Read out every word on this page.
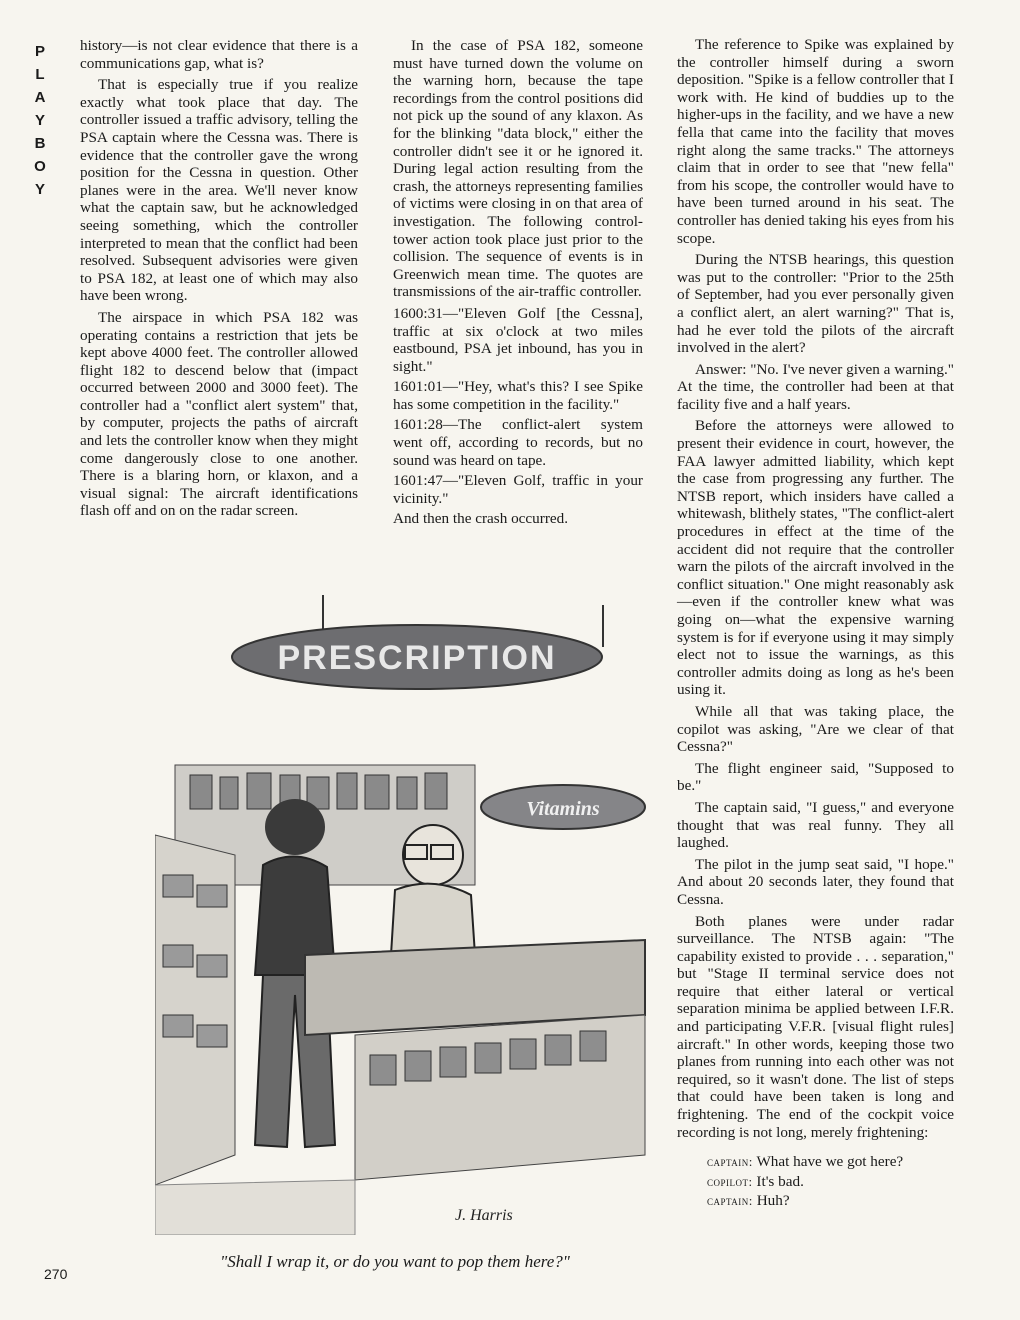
P
L
A
Y
B
O
Y

history—is not clear evidence that there is a communications gap, what is?

That is especially true if you realize exactly what took place that day. The controller issued a traffic advisory, telling the PSA captain where the Cessna was. There is evidence that the controller gave the wrong position for the Cessna in question. Other planes were in the area. We'll never know what the captain saw, but he acknowledged seeing something, which the controller interpreted to mean that the conflict had been resolved. Subsequent advisories were given to PSA 182, at least one of which may also have been wrong.

The airspace in which PSA 182 was operating contains a restriction that jets be kept above 4000 feet. The controller allowed flight 182 to descend below that (impact occurred between 2000 and 3000 feet). The controller had a "conflict alert system" that, by computer, projects the paths of aircraft and lets the controller know when they might come dangerously close to one another. There is a blaring horn, or klaxon, and a visual signal: The aircraft identifications flash off and on on the radar screen.

In the case of PSA 182, someone must have turned down the volume on the warning horn, because the tape recordings from the control positions did not pick up the sound of any klaxon. As for the blinking "data block," either the controller didn't see it or he ignored it. During legal action resulting from the crash, the attorneys representing families of victims were closing in on that area of investigation. The following control-tower action took place just prior to the collision. The sequence of events is in Greenwich mean time. The quotes are transmissions of the air-traffic controller.

1600:31—"Eleven Golf [the Cessna], traffic at six o'clock at two miles eastbound, PSA jet inbound, has you in sight."

1601:01—"Hey, what's this? I see Spike has some competition in the facility."

1601:28—The conflict-alert system went off, according to records, but no sound was heard on tape.

1601:47—"Eleven Golf, traffic in your vicinity."

And then the crash occurred.

The reference to Spike was explained by the controller himself during a sworn deposition. "Spike is a fellow controller that I work with. He kind of buddies up to the higher-ups in the facility, and we have a new fella that came into the facility that moves right along the same tracks." The attorneys claim that in order to see that "new fella" from his scope, the controller would have to have been turned around in his seat. The controller has denied taking his eyes from his scope.

During the NTSB hearings, this question was put to the controller: "Prior to the 25th of September, had you ever personally given a conflict alert, an alert warning?" That is, had he ever told the pilots of the aircraft involved in the alert?

Answer: "No. I've never given a warning." At the time, the controller had been at that facility five and a half years.

Before the attorneys were allowed to present their evidence in court, however, the FAA lawyer admitted liability, which kept the case from progressing any further. The NTSB report, which insiders have called a whitewash, blithely states, "The conflict-alert procedures in effect at the time of the accident did not require that the controller warn the pilots of the aircraft involved in the conflict situation." One might reasonably ask—even if the controller knew what was going on—what the expensive warning system is for if everyone using it may simply elect not to issue the warnings, as this controller admits doing as long as he's been using it.

While all that was taking place, the copilot was asking, "Are we clear of that Cessna?"

The flight engineer said, "Supposed to be."

The captain said, "I guess," and everyone thought that was real funny. They all laughed.

The pilot in the jump seat said, "I hope." And about 20 seconds later, they found that Cessna.

Both planes were under radar surveillance. The NTSB again: "The capability existed to provide . . . separation," but "Stage II terminal service does not require that either lateral or vertical separation minima be applied between I.F.R. and participating V.F.R. [visual flight rules] aircraft." In other words, keeping those two planes from running into each other was not required, so it wasn't done. The list of steps that could have been taken is long and frightening. The end of the cockpit voice recording is not long, merely frightening:

captain: What have we got here?
copilot: It's bad.
captain: Huh?
PRESCRIPTION
Vitamins
J. Harris
"Shall I wrap it, or do you want to pop them here?"
270
